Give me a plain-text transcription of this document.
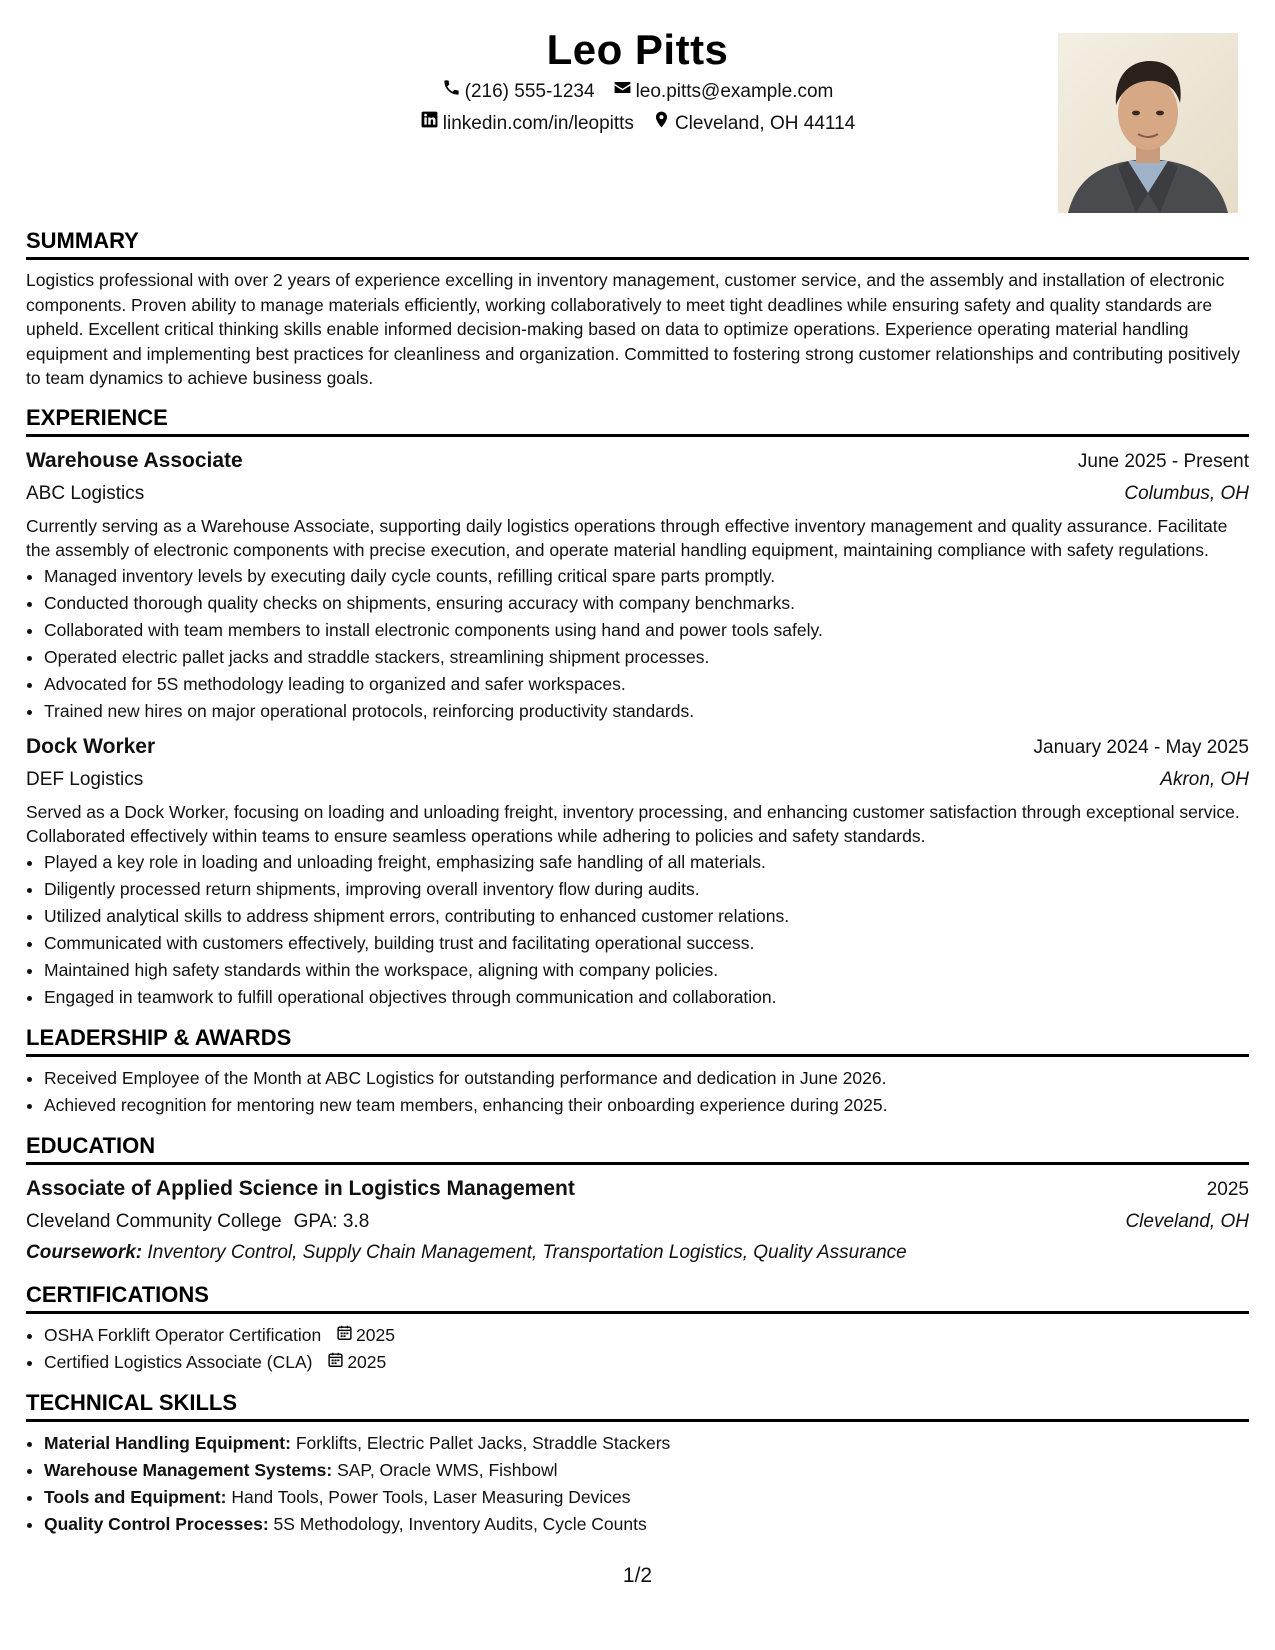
Leo Pitts
(216) 555-1234 leo.pitts@example.com
linkedin.com/in/leopitts Cleveland, OH 44114
SUMMARY

Logistics professional with over 2 years of experience excelling in inventory management, customer service, and the assembly and installation of electronic components. Proven ability to manage materials efficiently, working collaboratively to meet tight deadlines while ensuring safety and quality standards are upheld. Excellent critical thinking skills enable informed decision-making based on data to optimize operations. Experience operating material handling equipment and implementing best practices for cleanliness and organization. Committed to fostering strong customer relationships and contributing positively to team dynamics to achieve business goals.

EXPERIENCE
Warehouse Associate	June 2025 - Present
ABC Logistics	Columbus, OH
Currently serving as a Warehouse Associate, supporting daily logistics operations through effective inventory management and quality assurance. Facilitate the assembly of electronic components with precise execution, and operate material handling equipment, maintaining compliance with safety regulations.
• Managed inventory levels by executing daily cycle counts, refilling critical spare parts promptly.
• Conducted thorough quality checks on shipments, ensuring accuracy with company benchmarks.
• Collaborated with team members to install electronic components using hand and power tools safely.
• Operated electric pallet jacks and straddle stackers, streamlining shipment processes.
• Advocated for 5S methodology leading to organized and safer workspaces.
• Trained new hires on major operational protocols, reinforcing productivity standards.
Dock Worker	January 2024 - May 2025
DEF Logistics	Akron, OH
Served as a Dock Worker, focusing on loading and unloading freight, inventory processing, and enhancing customer satisfaction through exceptional service. Collaborated effectively within teams to ensure seamless operations while adhering to policies and safety standards.
• Played a key role in loading and unloading freight, emphasizing safe handling of all materials.
• Diligently processed return shipments, improving overall inventory flow during audits.
• Utilized analytical skills to address shipment errors, contributing to enhanced customer relations.
• Communicated with customers effectively, building trust and facilitating operational success.
• Maintained high safety standards within the workspace, aligning with company policies.
• Engaged in teamwork to fulfill operational objectives through communication and collaboration.
LEADERSHIP & AWARDS
• Received Employee of the Month at ABC Logistics for outstanding performance and dedication in June 2026.
• Achieved recognition for mentoring new team members, enhancing their onboarding experience during 2025.
EDUCATION
Associate of Applied Science in Logistics Management	2025
Cleveland Community College GPA: 3.8	Cleveland, OH
Coursework: Inventory Control, Supply Chain Management, Transportation Logistics, Quality Assurance
CERTIFICATIONS
• OSHA Forklift Operator Certification 2025
• Certified Logistics Associate (CLA) 2025
TECHNICAL SKILLS
• Material Handling Equipment: Forklifts, Electric Pallet Jacks, Straddle Stackers
• Warehouse Management Systems: SAP, Oracle WMS, Fishbowl
• Tools and Equipment: Hand Tools, Power Tools, Laser Measuring Devices
• Quality Control Processes: 5S Methodology, Inventory Audits, Cycle Counts
1/2
